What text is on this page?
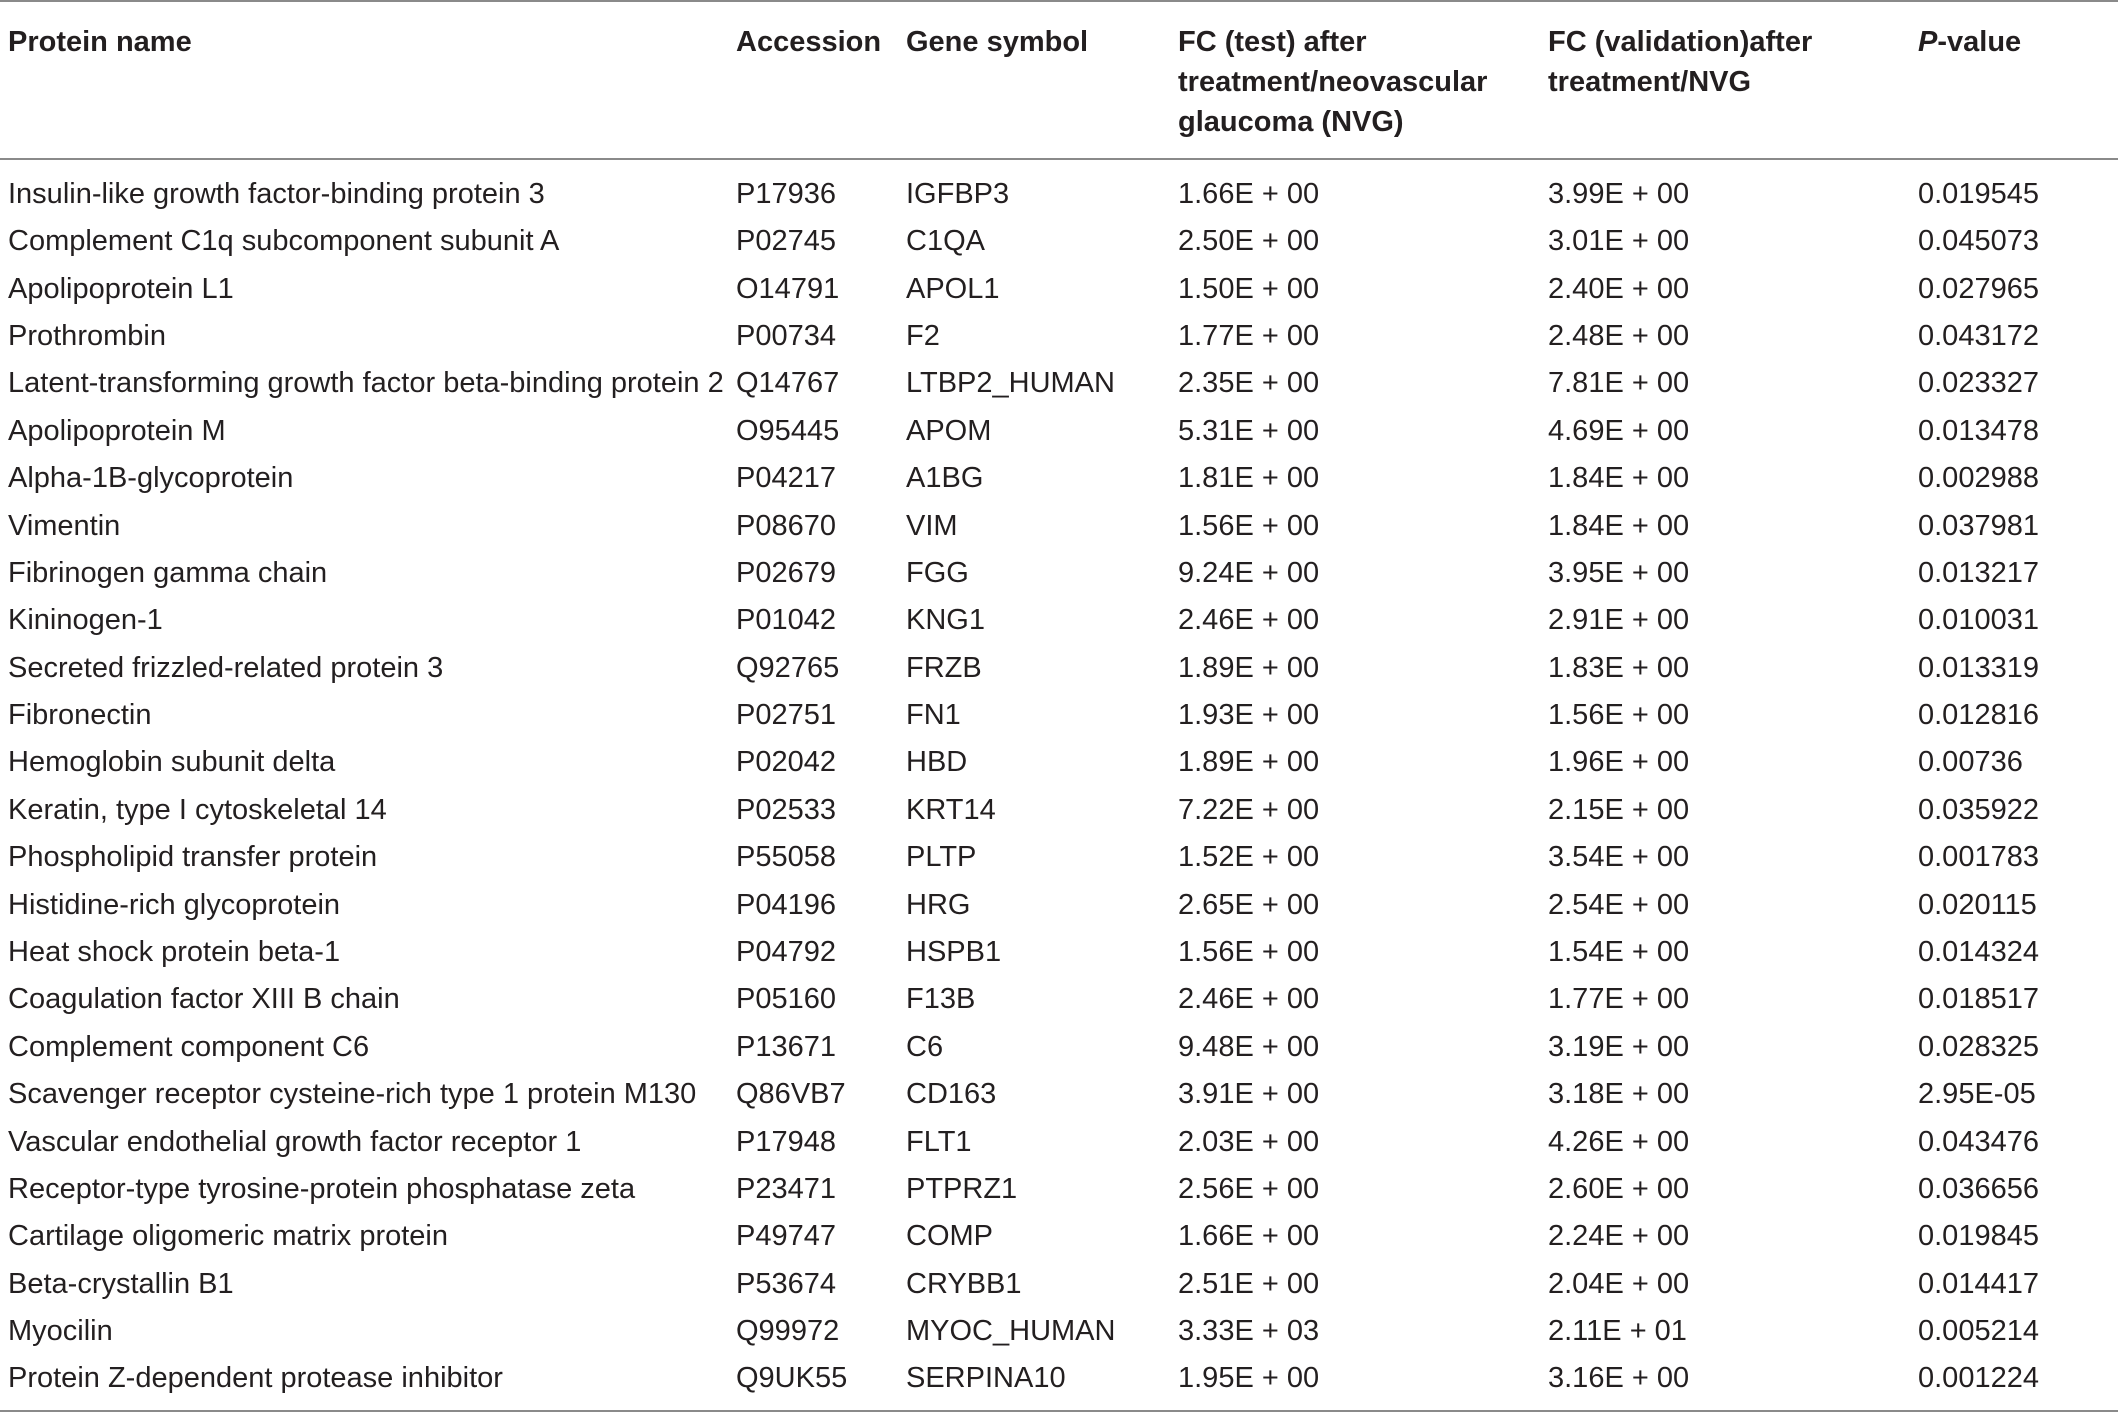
Protein name	Accession	Gene symbol	FC (test) after treatment/neovascular glaucoma (NVG)	FC (validation)after treatment/NVG	P-value
Insulin-like growth factor-binding protein 3	P17936	IGFBP3	1.66E + 00	3.99E + 00	0.019545
Complement C1q subcomponent subunit A	P02745	C1QA	2.50E + 00	3.01E + 00	0.045073
Apolipoprotein L1	O14791	APOL1	1.50E + 00	2.40E + 00	0.027965
Prothrombin	P00734	F2	1.77E + 00	2.48E + 00	0.043172
Latent-transforming growth factor beta-binding protein 2	Q14767	LTBP2_HUMAN	2.35E + 00	7.81E + 00	0.023327
Apolipoprotein M	O95445	APOM	5.31E + 00	4.69E + 00	0.013478
Alpha-1B-glycoprotein	P04217	A1BG	1.81E + 00	1.84E + 00	0.002988
Vimentin	P08670	VIM	1.56E + 00	1.84E + 00	0.037981
Fibrinogen gamma chain	P02679	FGG	9.24E + 00	3.95E + 00	0.013217
Kininogen-1	P01042	KNG1	2.46E + 00	2.91E + 00	0.010031
Secreted frizzled-related protein 3	Q92765	FRZB	1.89E + 00	1.83E + 00	0.013319
Fibronectin	P02751	FN1	1.93E + 00	1.56E + 00	0.012816
Hemoglobin subunit delta	P02042	HBD	1.89E + 00	1.96E + 00	0.00736
Keratin, type I cytoskeletal 14	P02533	KRT14	7.22E + 00	2.15E + 00	0.035922
Phospholipid transfer protein	P55058	PLTP	1.52E + 00	3.54E + 00	0.001783
Histidine-rich glycoprotein	P04196	HRG	2.65E + 00	2.54E + 00	0.020115
Heat shock protein beta-1	P04792	HSPB1	1.56E + 00	1.54E + 00	0.014324
Coagulation factor XIII B chain	P05160	F13B	2.46E + 00	1.77E + 00	0.018517
Complement component C6	P13671	C6	9.48E + 00	3.19E + 00	0.028325
Scavenger receptor cysteine-rich type 1 protein M130	Q86VB7	CD163	3.91E + 00	3.18E + 00	2.95E-05
Vascular endothelial growth factor receptor 1	P17948	FLT1	2.03E + 00	4.26E + 00	0.043476
Receptor-type tyrosine-protein phosphatase zeta	P23471	PTPRZ1	2.56E + 00	2.60E + 00	0.036656
Cartilage oligomeric matrix protein	P49747	COMP	1.66E + 00	2.24E + 00	0.019845
Beta-crystallin B1	P53674	CRYBB1	2.51E + 00	2.04E + 00	0.014417
Myocilin	Q99972	MYOC_HUMAN	3.33E + 03	2.11E + 01	0.005214
Protein Z-dependent protease inhibitor	Q9UK55	SERPINA10	1.95E + 00	3.16E + 00	0.001224
